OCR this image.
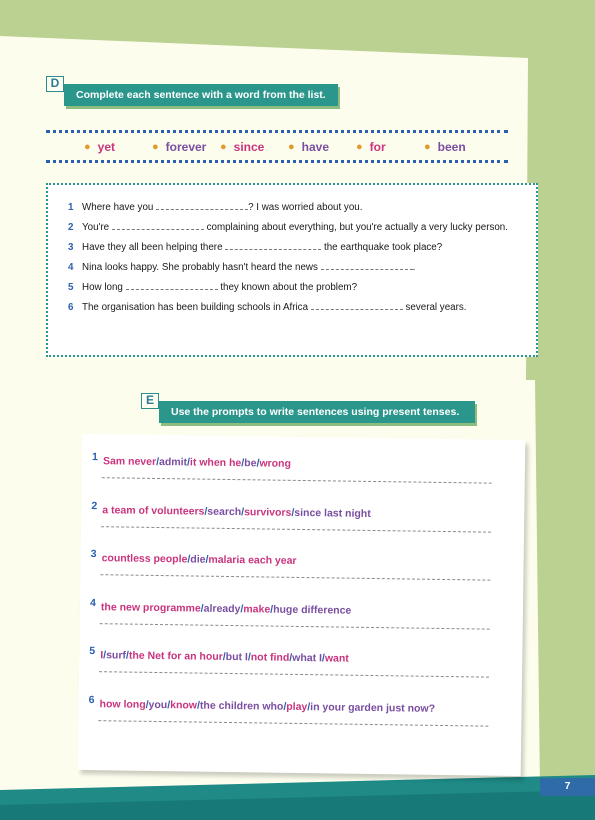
D
Complete each sentence with a word from the list.
● yet	● forever ● since ● have ● for	● been
1 Where have you	? I was worried about you.
2 You're	complaining about everything, but you're actually a very lucky person.
3 Have they all been helping there	the earthquake took place?
4 Nina looks happy. She probably hasn't heard the news	.
5 How long	they known about the problem?
6 The organisation has been building schools in Africa	several years.
E
Use the prompts to write sentences using present tenses.
1 Sam never/admit/it when he/be/wrong
2 a team of volunteers/search/survivors/since last night
3 countless people/die/malaria each year
4 the new programme/already/make/huge difference
5 I/surf/the Net for an hour/but I/not find/what I/want
6 how long/you/know/the children who/play/in your garden just now?
7
